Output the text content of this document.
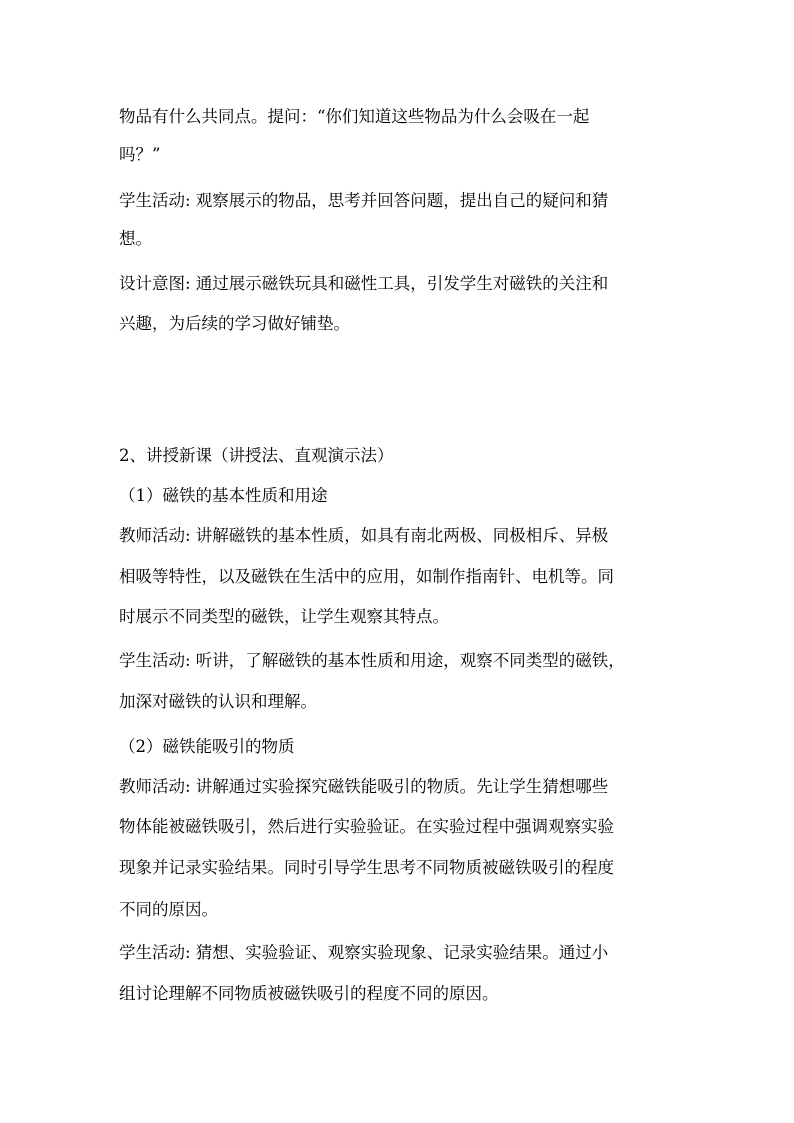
物品有什么共同点。提问：“你们知道这些物品为什么会吸在一起
吗？”
学生活动: 观察展示的物品，思考并回答问题，提出自己的疑问和猜
想。
设计意图: 通过展示磁铁玩具和磁性工具，引发学生对磁铁的关注和
兴趣，为后续的学习做好铺垫。
2、讲授新课（讲授法、直观演示法）
（1）磁铁的基本性质和用途
教师活动: 讲解磁铁的基本性质，如具有南北两极、同极相斥、异极
相吸等特性，以及磁铁在生活中的应用，如制作指南针、电机等。同
时展示不同类型的磁铁，让学生观察其特点。
学生活动: 听讲，了解磁铁的基本性质和用途，观察不同类型的磁铁，
加深对磁铁的认识和理解。
（2）磁铁能吸引的物质
教师活动: 讲解通过实验探究磁铁能吸引的物质。先让学生猜想哪些
物体能被磁铁吸引，然后进行实验验证。在实验过程中强调观察实验
现象并记录实验结果。同时引导学生思考不同物质被磁铁吸引的程度
不同的原因。
学生活动: 猜想、实验验证、观察实验现象、记录实验结果。通过小
组讨论理解不同物质被磁铁吸引的程度不同的原因。
